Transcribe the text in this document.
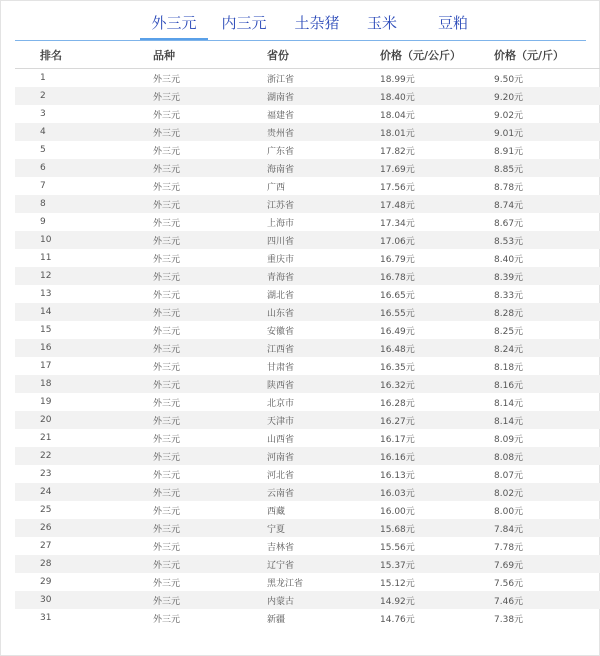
外三元	内三元	土杂猪	玉米	豆粕
排名	品种	省份	价格（元/公斤）	价格（元/斤）
1	外三元	浙江省	18.99元	9.50元
2	外三元	湖南省	18.40元	9.20元
3	外三元	福建省	18.04元	9.02元
4	外三元	贵州省	18.01元	9.01元
5	外三元	广东省	17.82元	8.91元
6	外三元	海南省	17.69元	8.85元
7	外三元	广西	17.56元	8.78元
8	外三元	江苏省	17.48元	8.74元
9	外三元	上海市	17.34元	8.67元
10	外三元	四川省	17.06元	8.53元
11	外三元	重庆市	16.79元	8.40元
12	外三元	青海省	16.78元	8.39元
13	外三元	湖北省	16.65元	8.33元
14	外三元	山东省	16.55元	8.28元
15	外三元	安徽省	16.49元	8.25元
16	外三元	江西省	16.48元	8.24元
17	外三元	甘肃省	16.35元	8.18元
18	外三元	陕西省	16.32元	8.16元
19	外三元	北京市	16.28元	8.14元
20	外三元	天津市	16.27元	8.14元
21	外三元	山西省	16.17元	8.09元
22	外三元	河南省	16.16元	8.08元
23	外三元	河北省	16.13元	8.07元
24	外三元	云南省	16.03元	8.02元
25	外三元	西藏	16.00元	8.00元
26	外三元	宁夏	15.68元	7.84元
27	外三元	吉林省	15.56元	7.78元
28	外三元	辽宁省	15.37元	7.69元
29	外三元	黑龙江省	15.12元	7.56元
30	外三元	内蒙古	14.92元	7.46元
31	外三元	新疆	14.76元	7.38元
